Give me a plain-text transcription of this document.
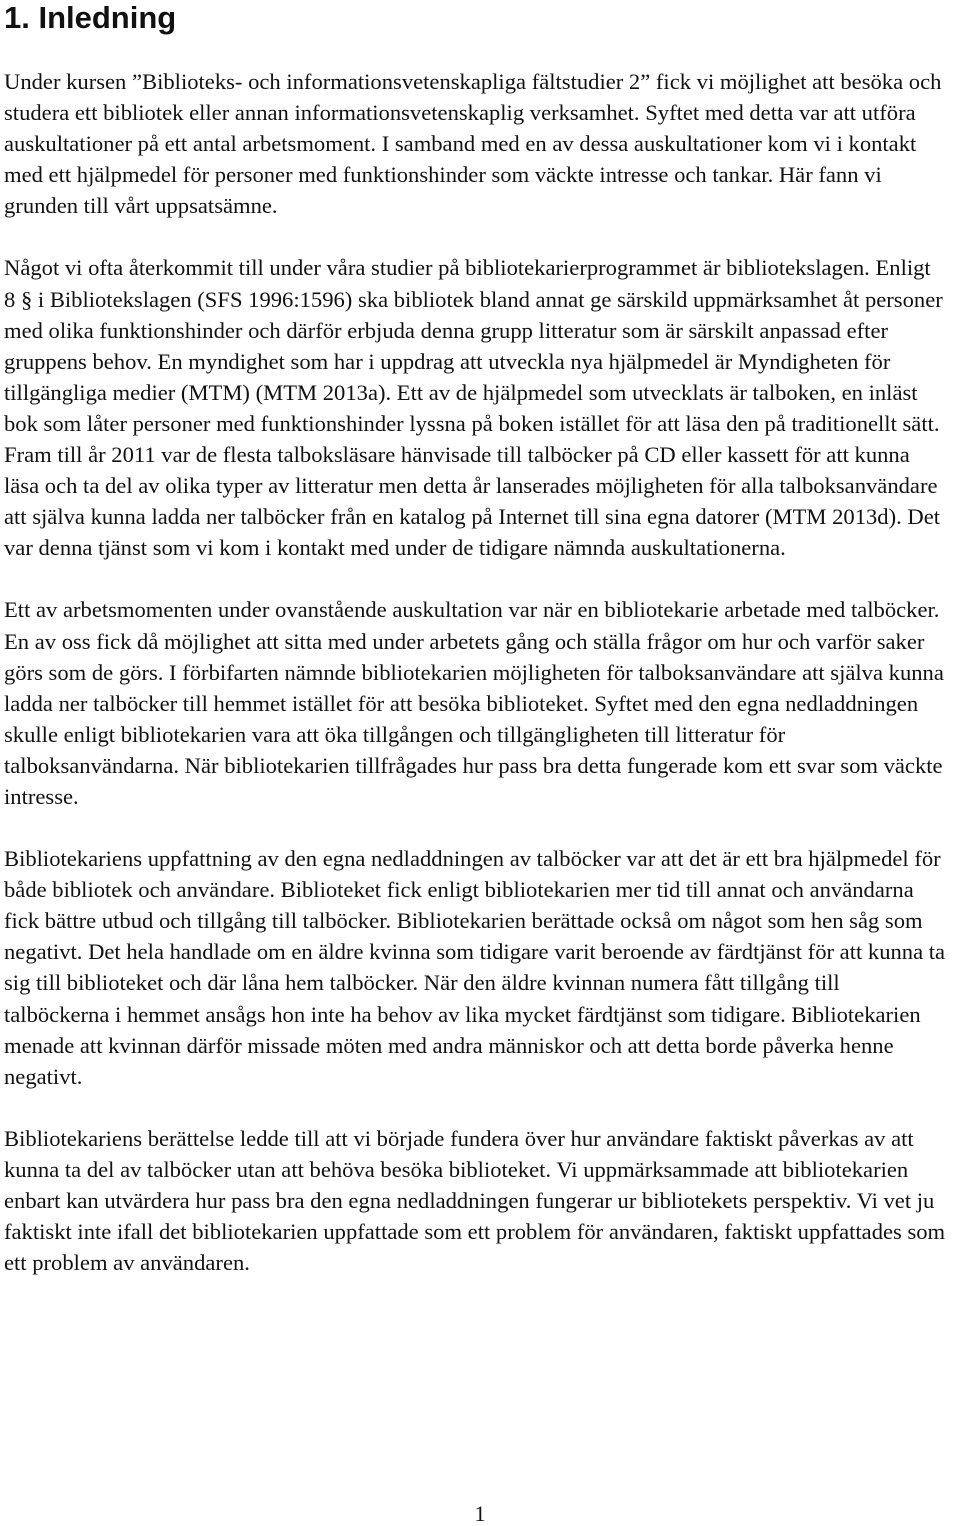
1. Inledning

Under kursen ”Biblioteks- och informationsvetenskapliga fältstudier 2” fick vi möjlighet att besöka och studera ett bibliotek eller annan informationsvetenskaplig verksamhet. Syftet med detta var att utföra auskultationer på ett antal arbetsmoment. I samband med en av dessa auskultationer kom vi i kontakt med ett hjälpmedel för personer med funktionshinder som väckte intresse och tankar. Här fann vi grunden till vårt uppsatsämne.

Något vi ofta återkommit till under våra studier på bibliotekarierprogrammet är bibliotekslagen. Enligt 8 § i Bibliotekslagen (SFS 1996:1596) ska bibliotek bland annat ge särskild uppmärksamhet åt personer med olika funktionshinder och därför erbjuda denna grupp litteratur som är särskilt anpassad efter gruppens behov. En myndighet som har i uppdrag att utveckla nya hjälpmedel är Myndigheten för tillgängliga medier (MTM) (MTM 2013a). Ett av de hjälpmedel som utvecklats är talboken, en inläst bok som låter personer med funktionshinder lyssna på boken istället för att läsa den på traditionellt sätt. Fram till år 2011 var de flesta talboksläsare hänvisade till talböcker på CD eller kassett för att kunna läsa och ta del av olika typer av litteratur men detta år lanserades möjligheten för alla talboksanvändare att själva kunna ladda ner talböcker från en katalog på Internet till sina egna datorer (MTM 2013d). Det var denna tjänst som vi kom i kontakt med under de tidigare nämnda auskultationerna.

Ett av arbetsmomenten under ovanstående auskultation var när en bibliotekarie arbetade med talböcker. En av oss fick då möjlighet att sitta med under arbetets gång och ställa frågor om hur och varför saker görs som de görs. I förbifarten nämnde bibliotekarien möjligheten för talboksanvändare att själva kunna ladda ner talböcker till hemmet istället för att besöka biblioteket. Syftet med den egna nedladdningen skulle enligt bibliotekarien vara att öka tillgången och tillgängligheten till litteratur för talboksanvändarna. När bibliotekarien tillfrågades hur pass bra detta fungerade kom ett svar som väckte intresse.

Bibliotekariens uppfattning av den egna nedladdningen av talböcker var att det är ett bra hjälpmedel för både bibliotek och användare. Biblioteket fick enligt bibliotekarien mer tid till annat och användarna fick bättre utbud och tillgång till talböcker. Bibliotekarien berättade också om något som hen såg som negativt. Det hela handlade om en äldre kvinna som tidigare varit beroende av färdtjänst för att kunna ta sig till biblioteket och där låna hem talböcker. När den äldre kvinnan numera fått tillgång till talböckerna i hemmet ansågs hon inte ha behov av lika mycket färdtjänst som tidigare. Bibliotekarien menade att kvinnan därför missade möten med andra människor och att detta borde påverka henne negativt.

Bibliotekariens berättelse ledde till att vi började fundera över hur användare faktiskt påverkas av att kunna ta del av talböcker utan att behöva besöka biblioteket. Vi uppmärksammade att bibliotekarien enbart kan utvärdera hur pass bra den egna nedladdningen fungerar ur bibliotekets perspektiv. Vi vet ju faktiskt inte ifall det bibliotekarien uppfattade som ett problem för användaren, faktiskt uppfattades som ett problem av användaren.

1
